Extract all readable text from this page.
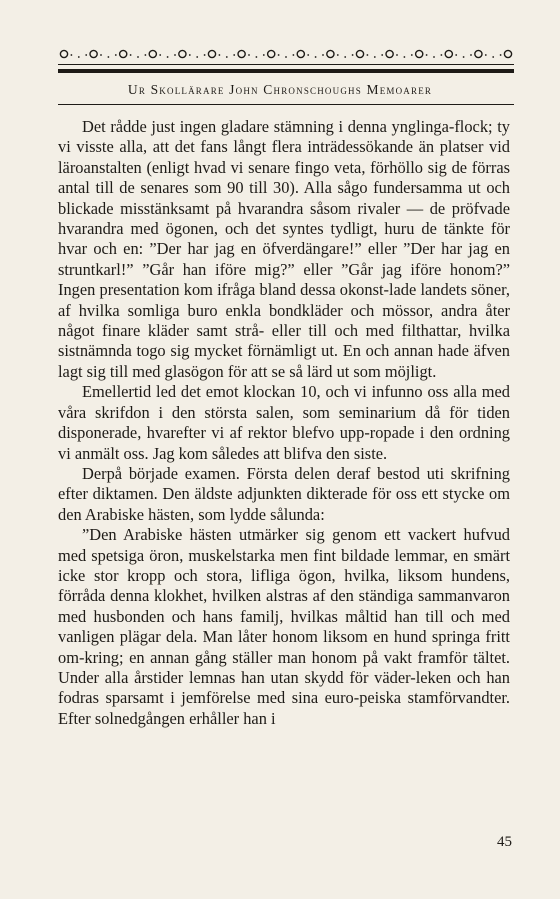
Ur Skollärare John Chronschoughs Memoarer

Det rådde just ingen gladare stämning i denna ynglinga-flock; ty vi visste alla, att det fans långt flera inträdessökande än platser vid läroanstalten (enligt hvad vi senare fingo veta, förhöllo sig de förras antal till de senares som 90 till 30). Alla sågo fundersamma ut och blickade misstänksamt på hvarandra såsom rivaler — de pröfvade hvarandra med ögonen, och det syntes tydligt, huru de tänkte för hvar och en: ”Der har jag en öfverdängare!” eller ”Der har jag en struntkarl!” ”Går han iföre mig?” eller ”Går jag iföre honom?” Ingen presentation kom ifråga bland dessa okonst-lade landets söner, af hvilka somliga buro enkla bondkläder och mössor, andra åter något finare kläder samt strå- eller till och med filthattar, hvilka sistnämnda togo sig mycket förnämligt ut. En och annan hade äfven lagt sig till med glasögon för att se så lärd ut som möjligt.

Emellertid led det emot klockan 10, och vi infunno oss alla med våra skrifdon i den största salen, som seminarium då för tiden disponerade, hvarefter vi af rektor blefvo upp-ropade i den ordning vi anmält oss. Jag kom således att blifva den siste.

Derpå började examen. Första delen deraf bestod uti skrifning efter diktamen. Den äldste adjunkten dikterade för oss ett stycke om den Arabiske hästen, som lydde sålunda:

”Den Arabiske hästen utmärker sig genom ett vackert hufvud med spetsiga öron, muskelstarka men fint bildade lemmar, en smärt icke stor kropp och stora, lifliga ögon, hvilka, liksom hundens, förråda denna klokhet, hvilken alstras af den ständiga sammanvaron med husbonden och hans familj, hvilkas måltid han till och med vanligen plägar dela. Man låter honom liksom en hund springa fritt om-kring; en annan gång ställer man honom på vakt framför tältet. Under alla årstider lemnas han utan skydd för väder-leken och han fodras sparsamt i jemförelse med sina euro-peiska stamförvandter. Efter solnedgången erhåller han i

45
